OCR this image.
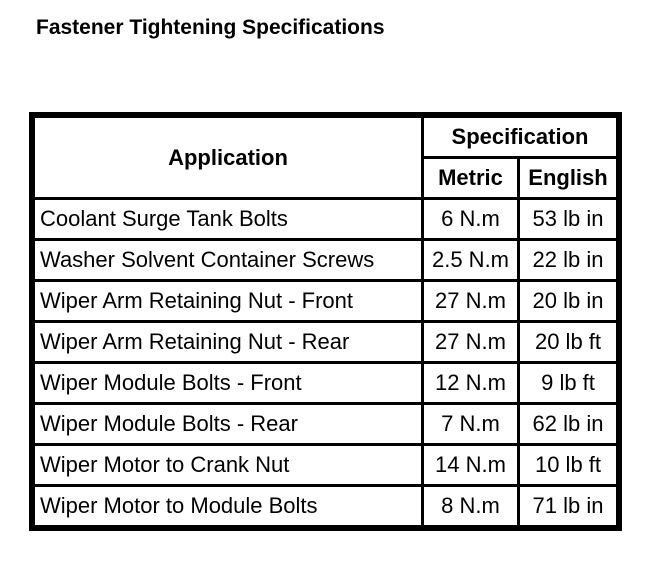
Fastener Tightening Specifications
Application	Specification	
	Metric	English
Coolant Surge Tank Bolts	6 N.m	53 lb in
Washer Solvent Container Screws	2.5 N.m	22 lb in
Wiper Arm Retaining Nut - Front	27 N.m	20 lb in
Wiper Arm Retaining Nut - Rear	27 N.m	20 lb ft
Wiper Module Bolts - Front	12 N.m	9 lb ft
Wiper Module Bolts - Rear	7 N.m	62 lb in
Wiper Motor to Crank Nut	14 N.m	10 lb ft
Wiper Motor to Module Bolts	8 N.m	71 lb in
